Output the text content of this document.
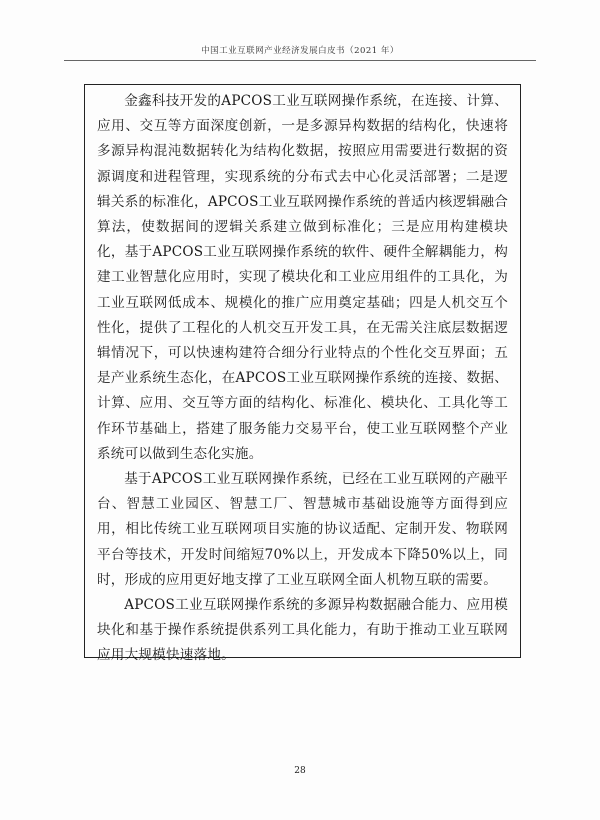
中国工业互联网产业经济发展白皮书（2021 年）

金鑫科技开发的APCOS工业互联网操作系统，在连接、计算、应用、交互等方面深度创新，一是多源异构数据的结构化，快速将多源异构混沌数据转化为结构化数据，按照应用需要进行数据的资源调度和进程管理，实现系统的分布式去中心化灵活部署；二是逻辑关系的标准化，APCOS工业互联网操作系统的普适内核逻辑融合算法，使数据间的逻辑关系建立做到标准化；三是应用构建模块化，基于APCOS工业互联网操作系统的软件、硬件全解耦能力，构建工业智慧化应用时，实现了模块化和工业应用组件的工具化，为工业互联网低成本、规模化的推广应用奠定基础；四是人机交互个性化，提供了工程化的人机交互开发工具，在无需关注底层数据逻辑情况下，可以快速构建符合细分行业特点的个性化交互界面；五是产业系统生态化，在APCOS工业互联网操作系统的连接、数据、计算、应用、交互等方面的结构化、标准化、模块化、工具化等工作环节基础上，搭建了服务能力交易平台，使工业互联网整个产业系统可以做到生态化实施。

基于APCOS工业互联网操作系统，已经在工业互联网的产融平台、智慧工业园区、智慧工厂、智慧城市基础设施等方面得到应用，相比传统工业互联网项目实施的协议适配、定制开发、物联网平台等技术，开发时间缩短70%以上，开发成本下降50%以上，同时，形成的应用更好地支撑了工业互联网全面人机物互联的需要。

APCOS工业互联网操作系统的多源异构数据融合能力、应用模块化和基于操作系统提供系列工具化能力，有助于推动工业互联网应用大规模快速落地。

28
